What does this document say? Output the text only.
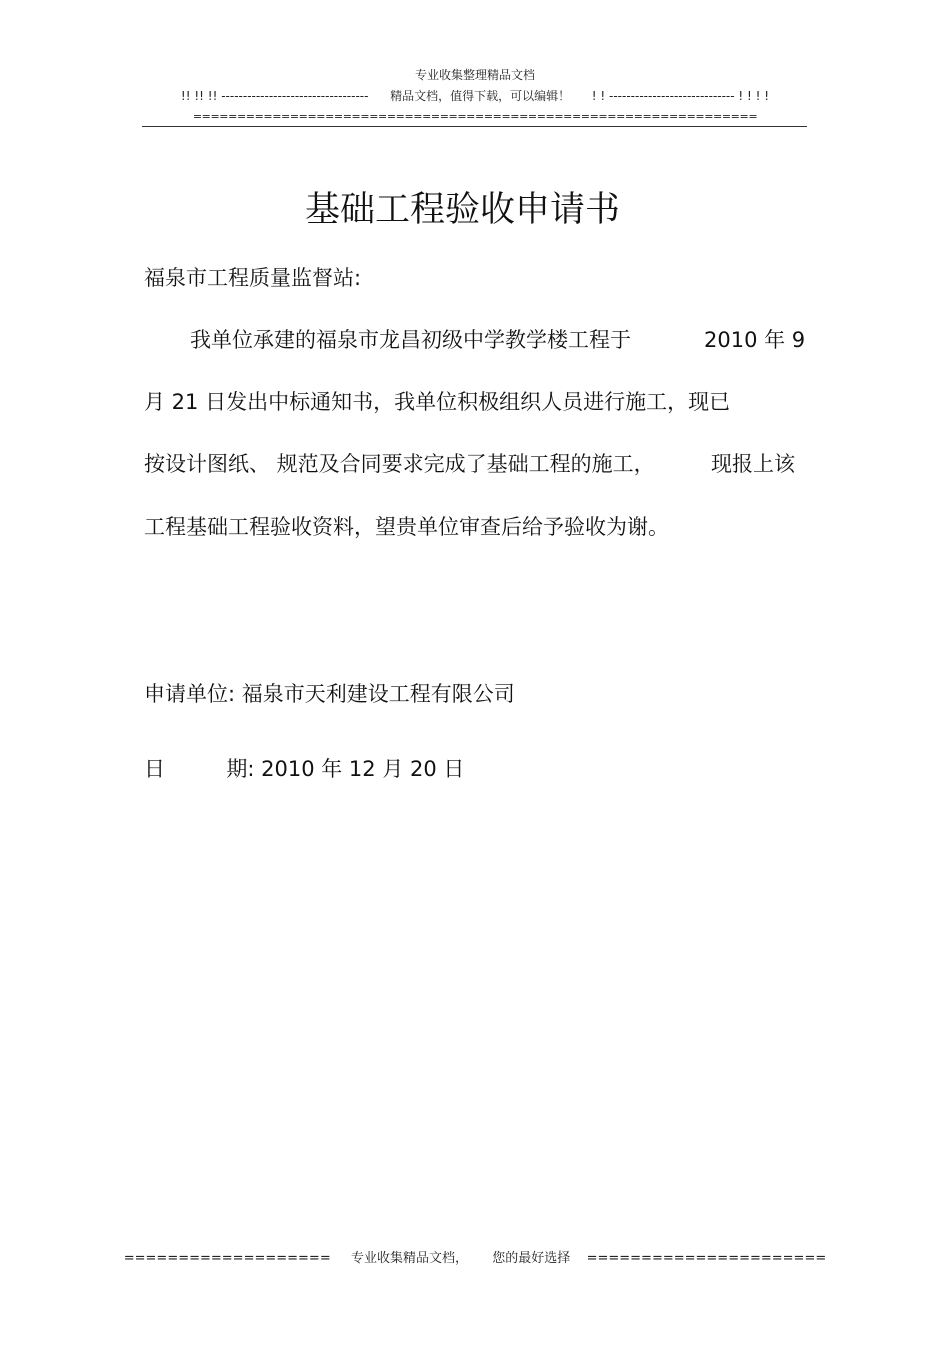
专业收集整理精品文档
!! !! !! ---------------------------------- 精品文档，值得下载，可以编辑！ ! ! ----------------------------- ! ! ! !
================================================================
基础工程验收申请书
福泉市工程质量监督站:
我单位承建的福泉市龙昌初级中学教学楼工程于	2010 年 9
月 21 日发出中标通知书，我单位积极组织人员进行施工，现已
按设计图纸、 规范及合同要求完成了基础工程的施工，	现报上该
工程基础工程验收资料，望贵单位审查后给予验收为谢。
申请单位: 福泉市天利建设工程有限公司
日	期: 2010 年 12 月 20 日
=================== 专业收集精品文档， 您的最好选择 ======================
